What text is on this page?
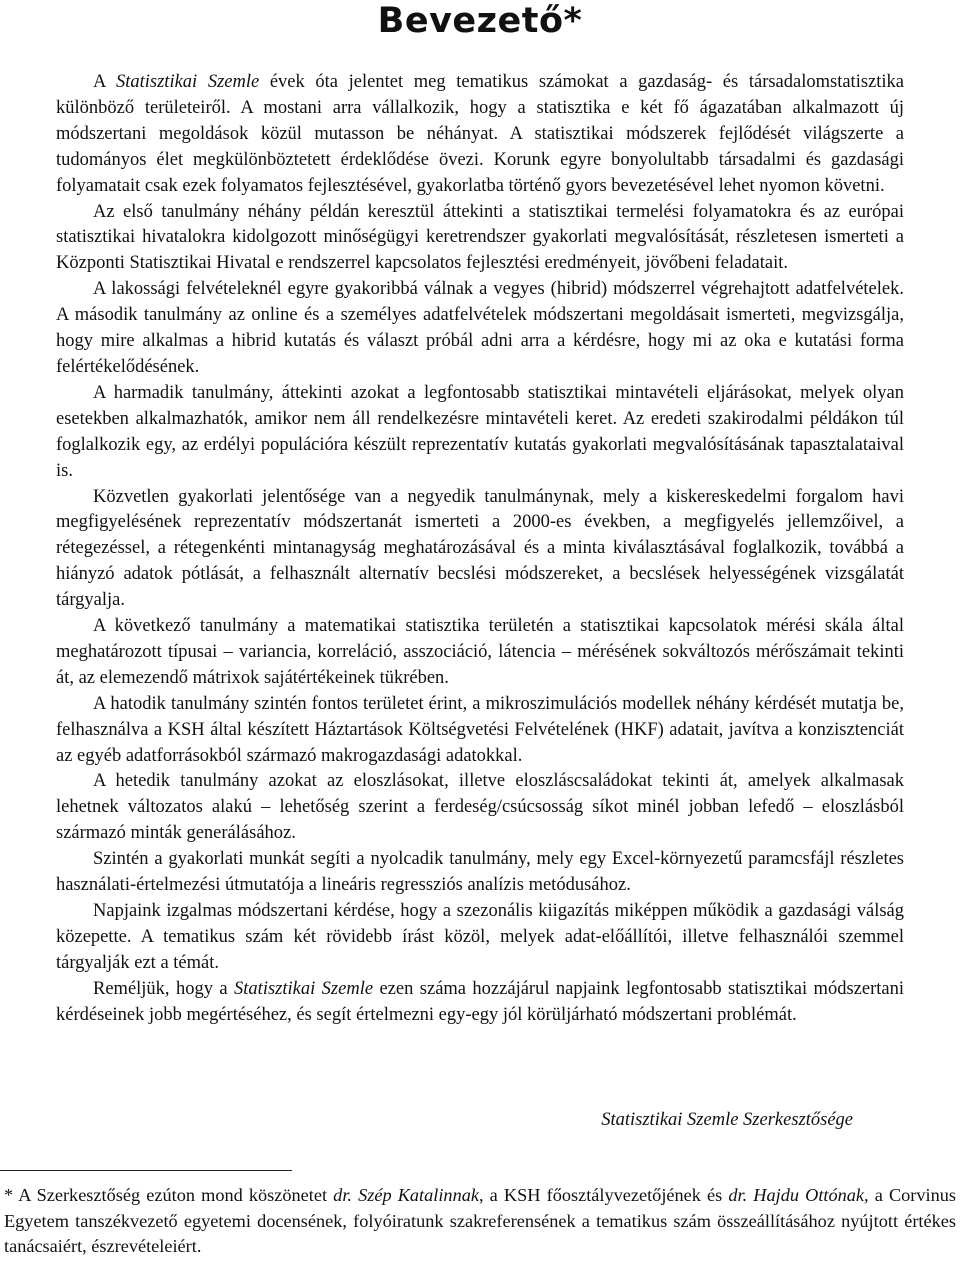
Bevezető*

A Statisztikai Szemle évek óta jelentet meg tematikus számokat a gazdaság- és társadalomstatisztika különböző területeiről. A mostani arra vállalkozik, hogy a statisztika e két fő ágazatában alkalmazott új módszertani megoldások közül mutasson be néhányat. A statisztikai módszerek fejlődését világszerte a tudományos élet megkülönböztetett érdeklődése övezi. Korunk egyre bonyolultabb társadalmi és gazdasági folyamatait csak ezek folyamatos fejlesztésével, gyakorlatba történő gyors bevezetésével lehet nyomon követni.

Az első tanulmány néhány példán keresztül áttekinti a statisztikai termelési folyamatokra és az európai statisztikai hivatalokra kidolgozott minőségügyi keretrendszer gyakorlati megvalósítását, részletesen ismerteti a Központi Statisztikai Hivatal e rendszerrel kapcsolatos fejlesztési eredményeit, jövőbeni feladatait.

A lakossági felvételeknél egyre gyakoribbá válnak a vegyes (hibrid) módszerrel végrehajtott adatfelvételek. A második tanulmány az online és a személyes adatfelvételek módszertani megoldásait ismerteti, megvizsgálja, hogy mire alkalmas a hibrid kutatás és választ próbál adni arra a kérdésre, hogy mi az oka e kutatási forma felértékelődésének.

A harmadik tanulmány, áttekinti azokat a legfontosabb statisztikai mintavételi eljárásokat, melyek olyan esetekben alkalmazhatók, amikor nem áll rendelkezésre mintavételi keret. Az eredeti szakirodalmi példákon túl foglalkozik egy, az erdélyi populációra készült reprezentatív kutatás gyakorlati megvalósításának tapasztalataival is.

Közvetlen gyakorlati jelentősége van a negyedik tanulmánynak, mely a kiskereskedelmi forgalom havi megfigyelésének reprezentatív módszertanát ismerteti a 2000-es években, a megfigyelés jellemzőivel, a rétegezéssel, a rétegenkénti mintanagyság meghatározásával és a minta kiválasztásával foglalkozik, továbbá a hiányzó adatok pótlását, a felhasznált alternatív becslési módszereket, a becslések helyességének vizsgálatát tárgyalja.

A következő tanulmány a matematikai statisztika területén a statisztikai kapcsolatok mérési skála által meghatározott típusai – variancia, korreláció, asszociáció, látencia – mérésének sokváltozós mérőszámait tekinti át, az elemezendő mátrixok sajátértékeinek tükrében.

A hatodik tanulmány szintén fontos területet érint, a mikroszimulációs modellek néhány kérdését mutatja be, felhasználva a KSH által készített Háztartások Költségvetési Felvételének (HKF) adatait, javítva a konzisztenciát az egyéb adatforrásokból származó makrogazdasági adatokkal.

A hetedik tanulmány azokat az eloszlásokat, illetve eloszláscsaládokat tekinti át, amelyek alkalmasak lehetnek változatos alakú – lehetőség szerint a ferdeség/csúcsosság síkot minél jobban lefedő – eloszlásból származó minták generálásához.

Szintén a gyakorlati munkát segíti a nyolcadik tanulmány, mely egy Excel-környezetű paramcsfájl részletes használati-értelmezési útmutatója a lineáris regressziós analízis metódusához.

Napjaink izgalmas módszertani kérdése, hogy a szezonális kiigazítás miképpen működik a gazdasági válság közepette. A tematikus szám két rövidebb írást közöl, melyek adat-előállítói, illetve felhasználói szemmel tárgyalják ezt a témát.

Reméljük, hogy a Statisztikai Szemle ezen száma hozzájárul napjaink legfontosabb statisztikai módszertani kérdéseinek jobb megértéséhez, és segít értelmezni egy-egy jól körüljárható módszertani problémát.

Statisztikai Szemle Szerkesztősége

* A Szerkesztőség ezúton mond köszönetet dr. Szép Katalinnak, a KSH főosztályvezetőjének és dr. Hajdu Ottónak, a Corvinus Egyetem tanszékvezető egyetemi docensének, folyóiratunk szakreferensének a tematikus szám összeállításához nyújtott értékes tanácsaiért, észrevételeiért.
